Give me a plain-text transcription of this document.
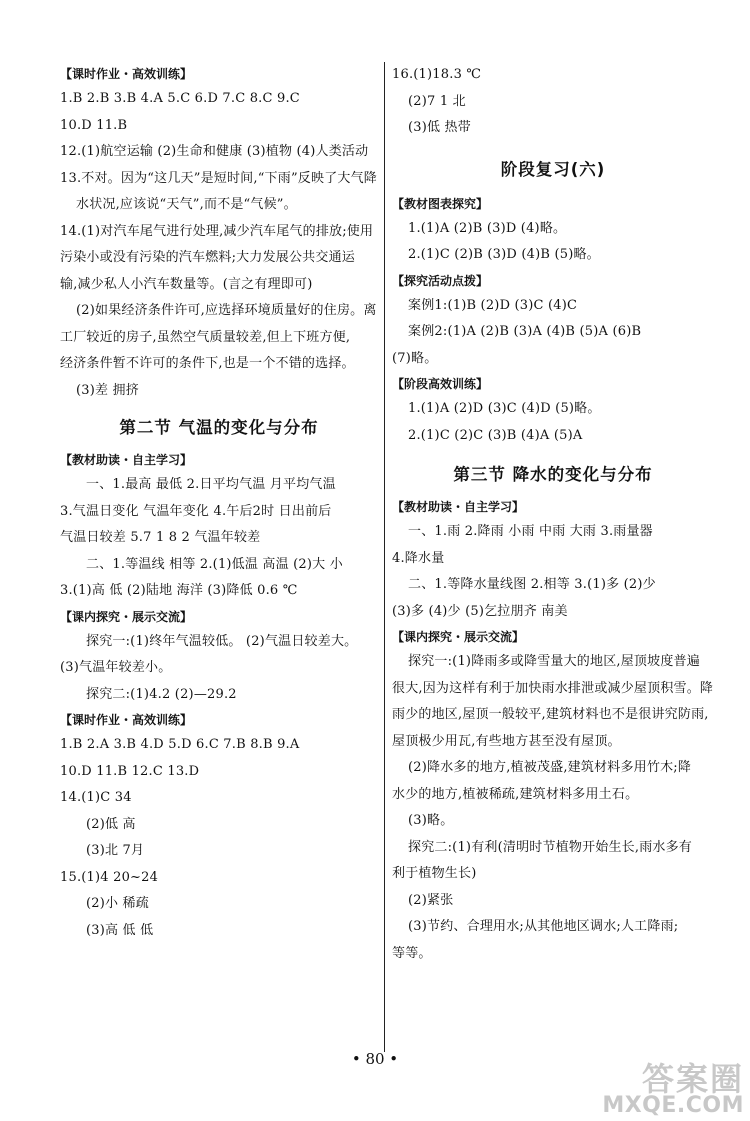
【课时作业・高效训练】
1.B 2.B 3.B 4.A 5.C 6.D 7.C 8.C 9.C
10.D 11.B
12.(1)航空运输 (2)生命和健康 (3)植物 (4)人类活动
13.不对。因为“这几天”是短时间,“下雨”反映了大气降
水状况,应该说“天气”,而不是“气候”。
14.(1)对汽车尾气进行处理,减少汽车尾气的排放;使用
污染小或没有污染的汽车燃料;大力发展公共交通运
输,减少私人小汽车数量等。(言之有理即可)
(2)如果经济条件许可,应选择环境质量好的住房。离
工厂较近的房子,虽然空气质量较差,但上下班方便,
经济条件暂不许可的条件下,也是一个不错的选择。
(3)差 拥挤
第二节 气温的变化与分布
【教材助读・自主学习】
一、1.最高 最低 2.日平均气温 月平均气温
3.气温日变化 气温年变化 4.午后2时 日出前后
气温日较差 5.7 1 8 2 气温年较差
二、1.等温线 相等 2.(1)低温 高温 (2)大 小
3.(1)高 低 (2)陆地 海洋 (3)降低 0.6 ℃
【课内探究・展示交流】
探究一:(1)终年气温较低。 (2)气温日较差大。
(3)气温年较差小。
探究二:(1)4.2 (2)—29.2
【课时作业・高效训练】
1.B 2.A 3.B 4.D 5.D 6.C 7.B 8.B 9.A
10.D 11.B 12.C 13.D
14.(1)C 34
(2)低 高
(3)北 7月
15.(1)4 20~24
(2)小 稀疏
(3)高 低 低
16.(1)18.3 ℃
(2)7 1 北
(3)低 热带
阶段复习(六)
【教材图表探究】
1.(1)A (2)B (3)D (4)略。
2.(1)C (2)B (3)D (4)B (5)略。
【探究活动点拨】
案例1:(1)B (2)D (3)C (4)C
案例2:(1)A (2)B (3)A (4)B (5)A (6)B
(7)略。
【阶段高效训练】
1.(1)A (2)D (3)C (4)D (5)略。
2.(1)C (2)C (3)B (4)A (5)A
第三节 降水的变化与分布
【教材助读・自主学习】
一、1.雨 2.降雨 小雨 中雨 大雨 3.雨量器
4.降水量
二、1.等降水量线图 2.相等 3.(1)多 (2)少
(3)多 (4)少 (5)乞拉朋齐 南美
【课内探究・展示交流】
探究一:(1)降雨多或降雪量大的地区,屋顶坡度普遍
很大,因为这样有利于加快雨水排泄或减少屋顶积雪。降
雨少的地区,屋顶一般较平,建筑材料也不是很讲究防雨,
屋顶极少用瓦,有些地方甚至没有屋顶。
(2)降水多的地方,植被茂盛,建筑材料多用竹木;降
水少的地方,植被稀疏,建筑材料多用土石。
(3)略。
探究二:(1)有利(清明时节植物开始生长,雨水多有
利于植物生长)
(2)紧张
(3)节约、合理用水;从其他地区调水;人工降雨;
等等。
• 80 •
答案圈
MXQE.COM
